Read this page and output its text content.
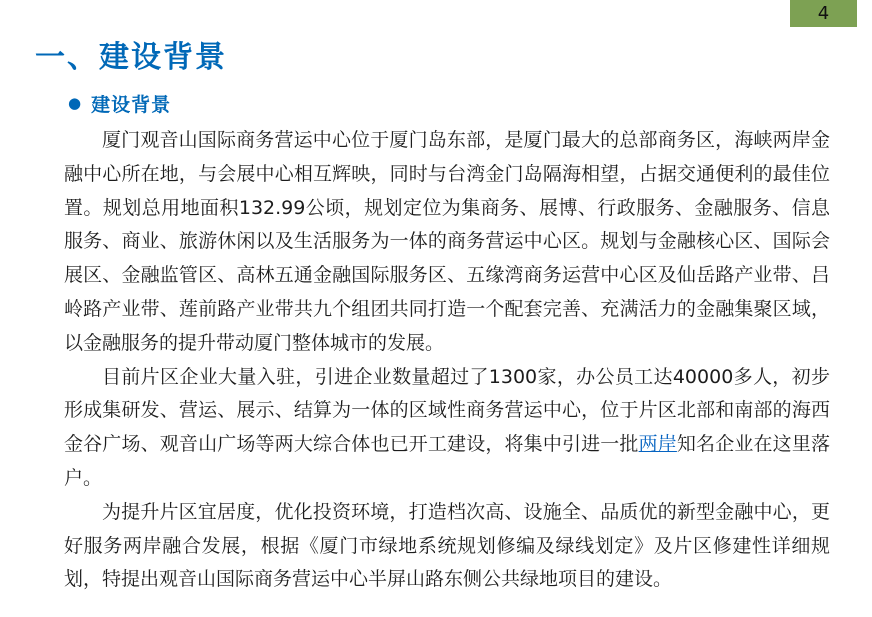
4
一、建设背景
● 建设背景

厦门观音山国际商务营运中心位于厦门岛东部，是厦门最大的总部商务区，海峡两岸金融中心所在地，与会展中心相互辉映，同时与台湾金门岛隔海相望，占据交通便利的最佳位置。规划总用地面积132.99公顷，规划定位为集商务、展博、行政服务、金融服务、信息服务、商业、旅游休闲以及生活服务为一体的商务营运中心区。规划与金融核心区、国际会展区、金融监管区、高林五通金融国际服务区、五缘湾商务运营中心区及仙岳路产业带、吕岭路产业带、莲前路产业带共九个组团共同打造一个配套完善、充满活力的金融集聚区域，以金融服务的提升带动厦门整体城市的发展。

目前片区企业大量入驻，引进企业数量超过了1300家，办公员工达40000多人，初步形成集研发、营运、展示、结算为一体的区域性商务营运中心，位于片区北部和南部的海西金谷广场、观音山广场等两大综合体也已开工建设，将集中引进一批两岸知名企业在这里落户。

为提升片区宜居度，优化投资环境，打造档次高、设施全、品质优的新型金融中心，更好服务两岸融合发展，根据《厦门市绿地系统规划修编及绿线划定》及片区修建性详细规划，特提出观音山国际商务营运中心半屏山路东侧公共绿地项目的建设。
